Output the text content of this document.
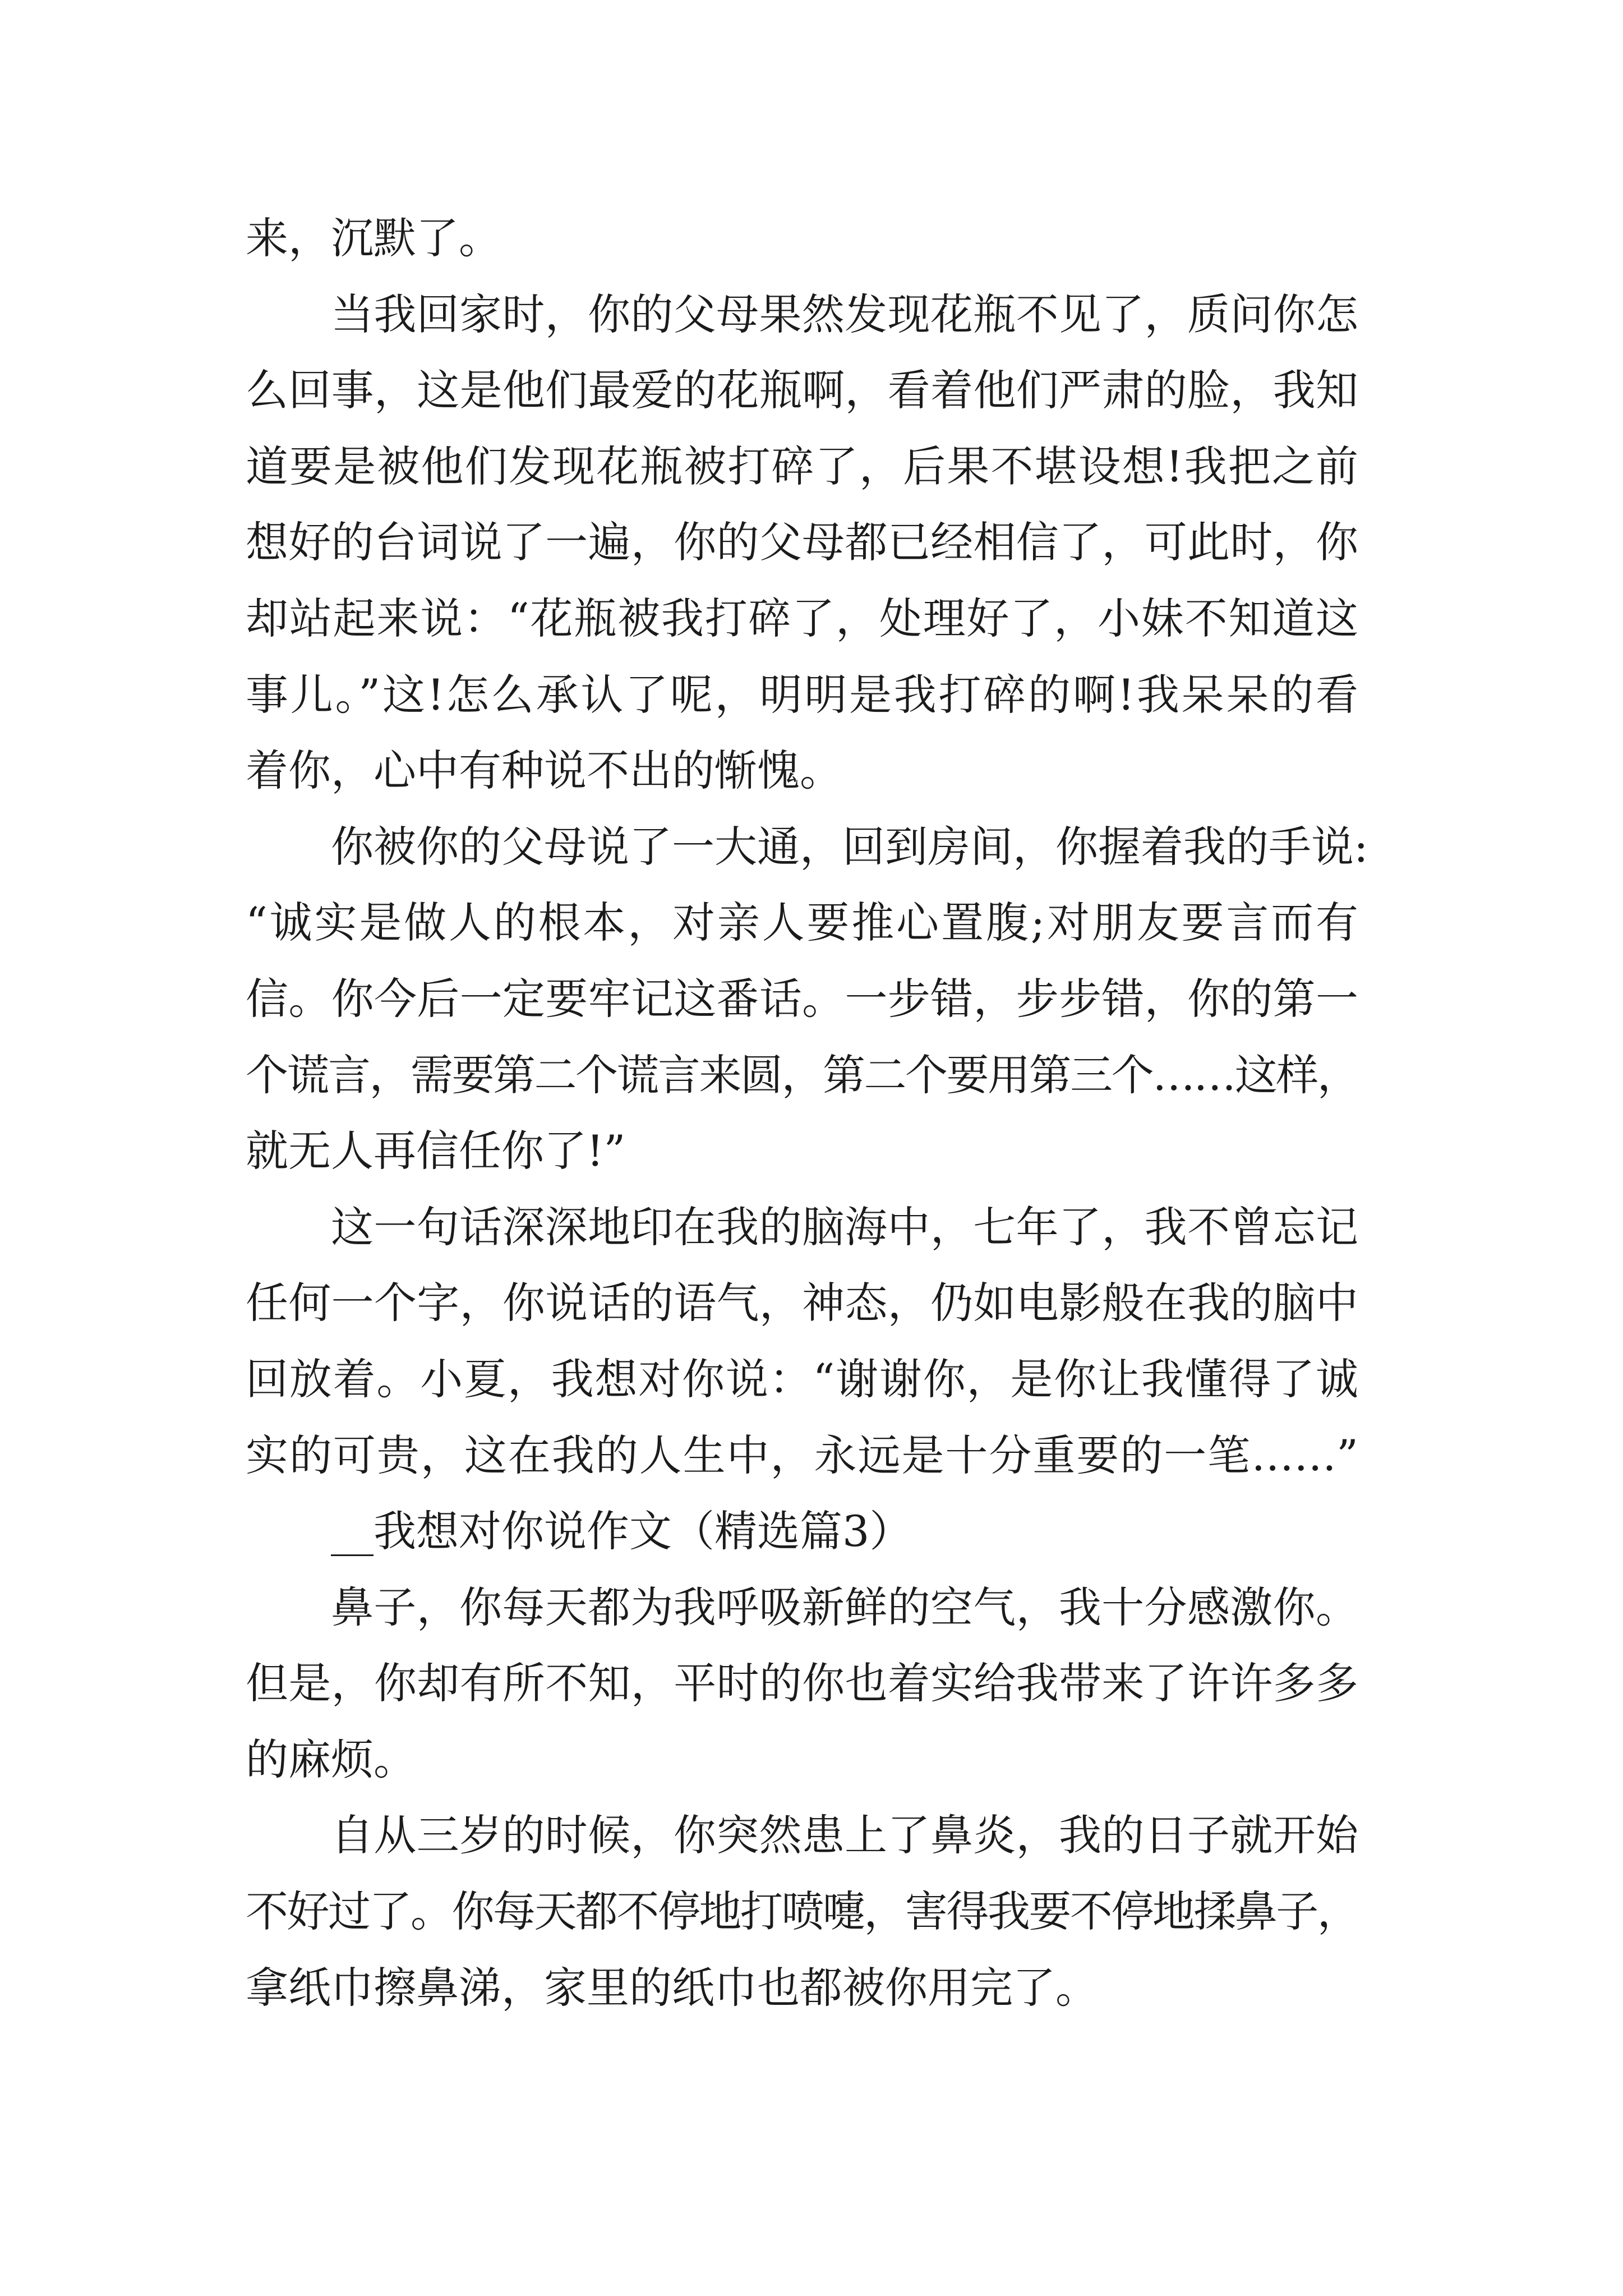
来，沉默了。
当我回家时，你的父母果然发现花瓶不见了，质问你怎
么回事，这是他们最爱的花瓶啊，看着他们严肃的脸，我知
道要是被他们发现花瓶被打碎了，后果不堪设想!我把之前
想好的台词说了一遍，你的父母都已经相信了，可此时，你
却站起来说：“花瓶被我打碎了，处理好了，小妹不知道这
事儿。”这!怎么承认了呢，明明是我打碎的啊!我呆呆的看
着你，心中有种说不出的惭愧。
你被你的父母说了一大通，回到房间，你握着我的手说:
“诚实是做人的根本，对亲人要推心置腹;对朋友要言而有
信。你今后一定要牢记这番话。一步错，步步错，你的第一
个谎言，需要第二个谎言来圆，第二个要用第三个……这样，
就无人再信任你了!”
这一句话深深地印在我的脑海中，七年了，我不曾忘记
任何一个字，你说话的语气，神态，仍如电影般在我的脑中
回放着。小夏，我想对你说：“谢谢你，是你让我懂得了诚
实的可贵，这在我的人生中，永远是十分重要的一笔……”
__我想对你说作文（精选篇3）
鼻子，你每天都为我呼吸新鲜的空气，我十分感激你。
但是，你却有所不知，平时的你也着实给我带来了许许多多
的麻烦。
自从三岁的时候，你突然患上了鼻炎，我的日子就开始
不好过了。你每天都不停地打喷嚏，害得我要不停地揉鼻子，
拿纸巾擦鼻涕，家里的纸巾也都被你用完了。
